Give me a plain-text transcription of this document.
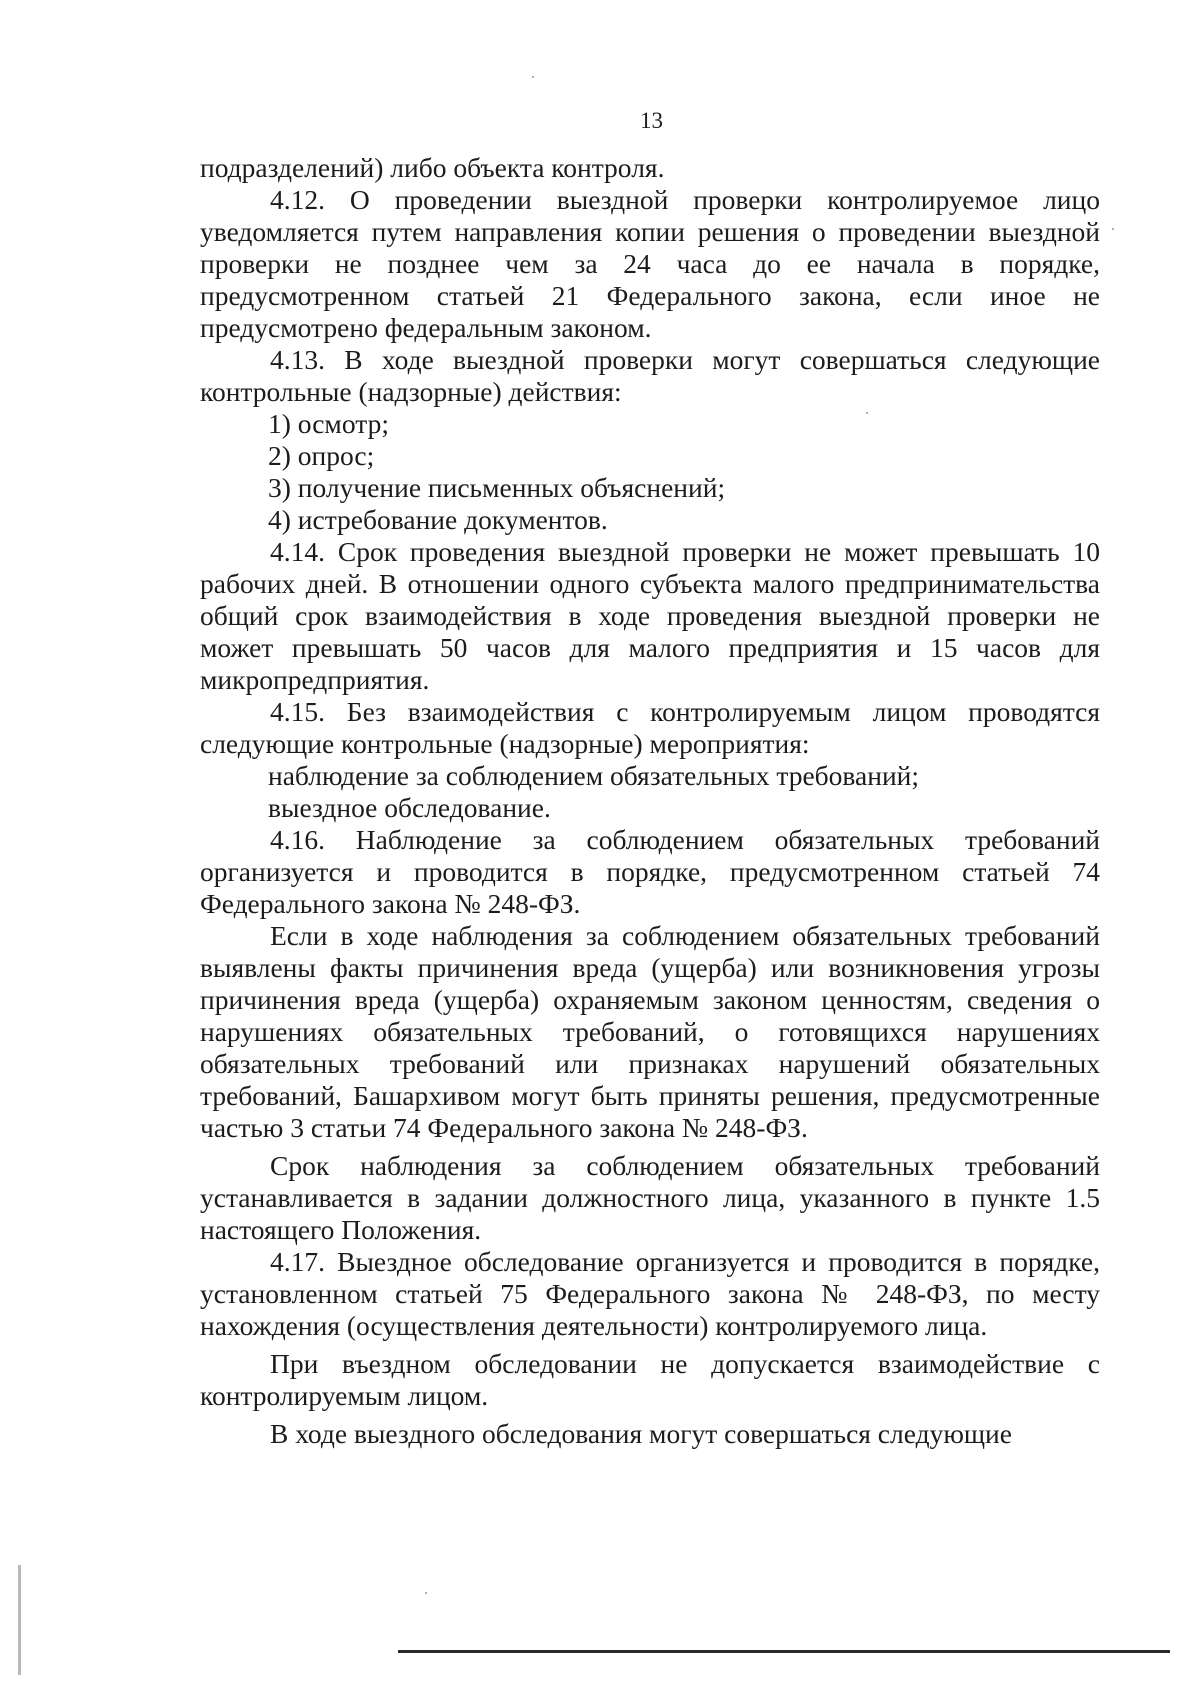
13

подразделений) либо объекта контроля.

4.12. О проведении выездной проверки контролируемое лицо уведомляется путем направления копии решения о проведении выездной проверки не позднее чем за 24 часа до ее начала в порядке, предусмотренном статьей 21 Федерального закона, если иное не предусмотрено федеральным законом.

4.13. В ходе выездной проверки могут совершаться следующие контрольные (надзорные) действия:

1) осмотр;

2) опрос;

3) получение письменных объяснений;

4) истребование документов.

4.14. Срок проведения выездной проверки не может превышать 10 рабочих дней. В отношении одного субъекта малого предпринимательства общий срок взаимодействия в ходе проведения выездной проверки не может превышать 50 часов для малого предприятия и 15 часов для микропредприятия.

4.15. Без взаимодействия с контролируемым лицом проводятся следующие контрольные (надзорные) мероприятия:

наблюдение за соблюдением обязательных требований;

выездное обследование.

4.16. Наблюдение за соблюдением обязательных требований организуется и проводится в порядке, предусмотренном статьей 74 Федерального закона № 248-ФЗ.

Если в ходе наблюдения за соблюдением обязательных требований выявлены факты причинения вреда (ущерба) или возникновения угрозы причинения вреда (ущерба) охраняемым законом ценностям, сведения о нарушениях обязательных требований, о готовящихся нарушениях обязательных требований или признаках нарушений обязательных требований, Башархивом могут быть приняты решения, предусмотренные частью 3 статьи 74 Федерального закона № 248-ФЗ.

Срок наблюдения за соблюдением обязательных требований устанавливается в задании должностного лица, указанного в пункте 1.5 настоящего Положения.

4.17. Выездное обследование организуется и проводится в порядке, установленном статьей 75 Федерального закона № 248-ФЗ, по месту нахождения (осуществления деятельности) контролируемого лица.

При въездном обследовании не допускается взаимодействие с контролируемым лицом.

В ходе выездного обследования могут совершаться следующие
